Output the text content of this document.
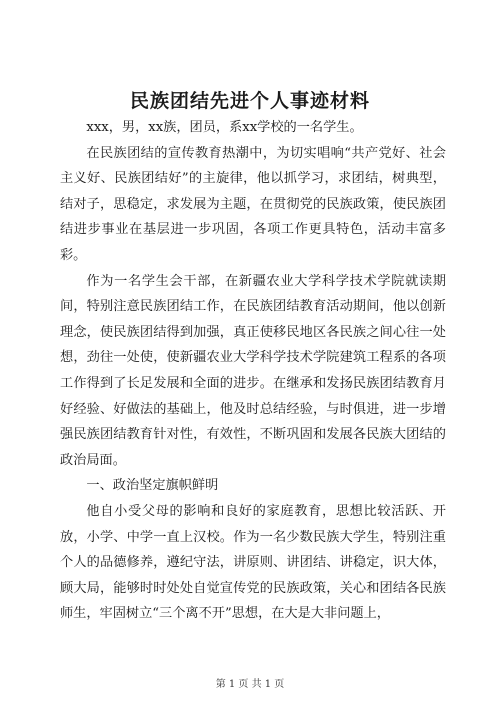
民族团结先进个人事迹材料

xxx，男，xx族，团员，系xx学校的一名学生。

在民族团结的宣传教育热潮中，为切实唱响“共产党好、社会主义好、民族团结好”的主旋律，他以抓学习，求团结，树典型，结对子，思稳定，求发展为主题，在贯彻党的民族政策，使民族团结进步事业在基层进一步巩固，各项工作更具特色，活动丰富多彩。

作为一名学生会干部，在新疆农业大学科学技术学院就读期间，特别注意民族团结工作，在民族团结教育活动期间，他以创新理念，使民族团结得到加强，真正使移民地区各民族之间心往一处想，劲往一处使，使新疆农业大学科学技术学院建筑工程系的各项工作得到了长足发展和全面的进步。在继承和发扬民族团结教育月好经验、好做法的基础上，他及时总结经验，与时俱进，进一步增强民族团结教育针对性，有效性，不断巩固和发展各民族大团结的政治局面。

一、政治坚定旗帜鲜明

他自小受父母的影响和良好的家庭教育，思想比较活跃、开放，小学、中学一直上汉校。作为一名少数民族大学生，特别注重个人的品德修养，遵纪守法，讲原则、讲团结、讲稳定，识大体，顾大局，能够时时处处自觉宣传党的民族政策，关心和团结各民族师生，牢固树立“三个离不开”思想，在大是大非问题上，

第 1 页 共 1 页
